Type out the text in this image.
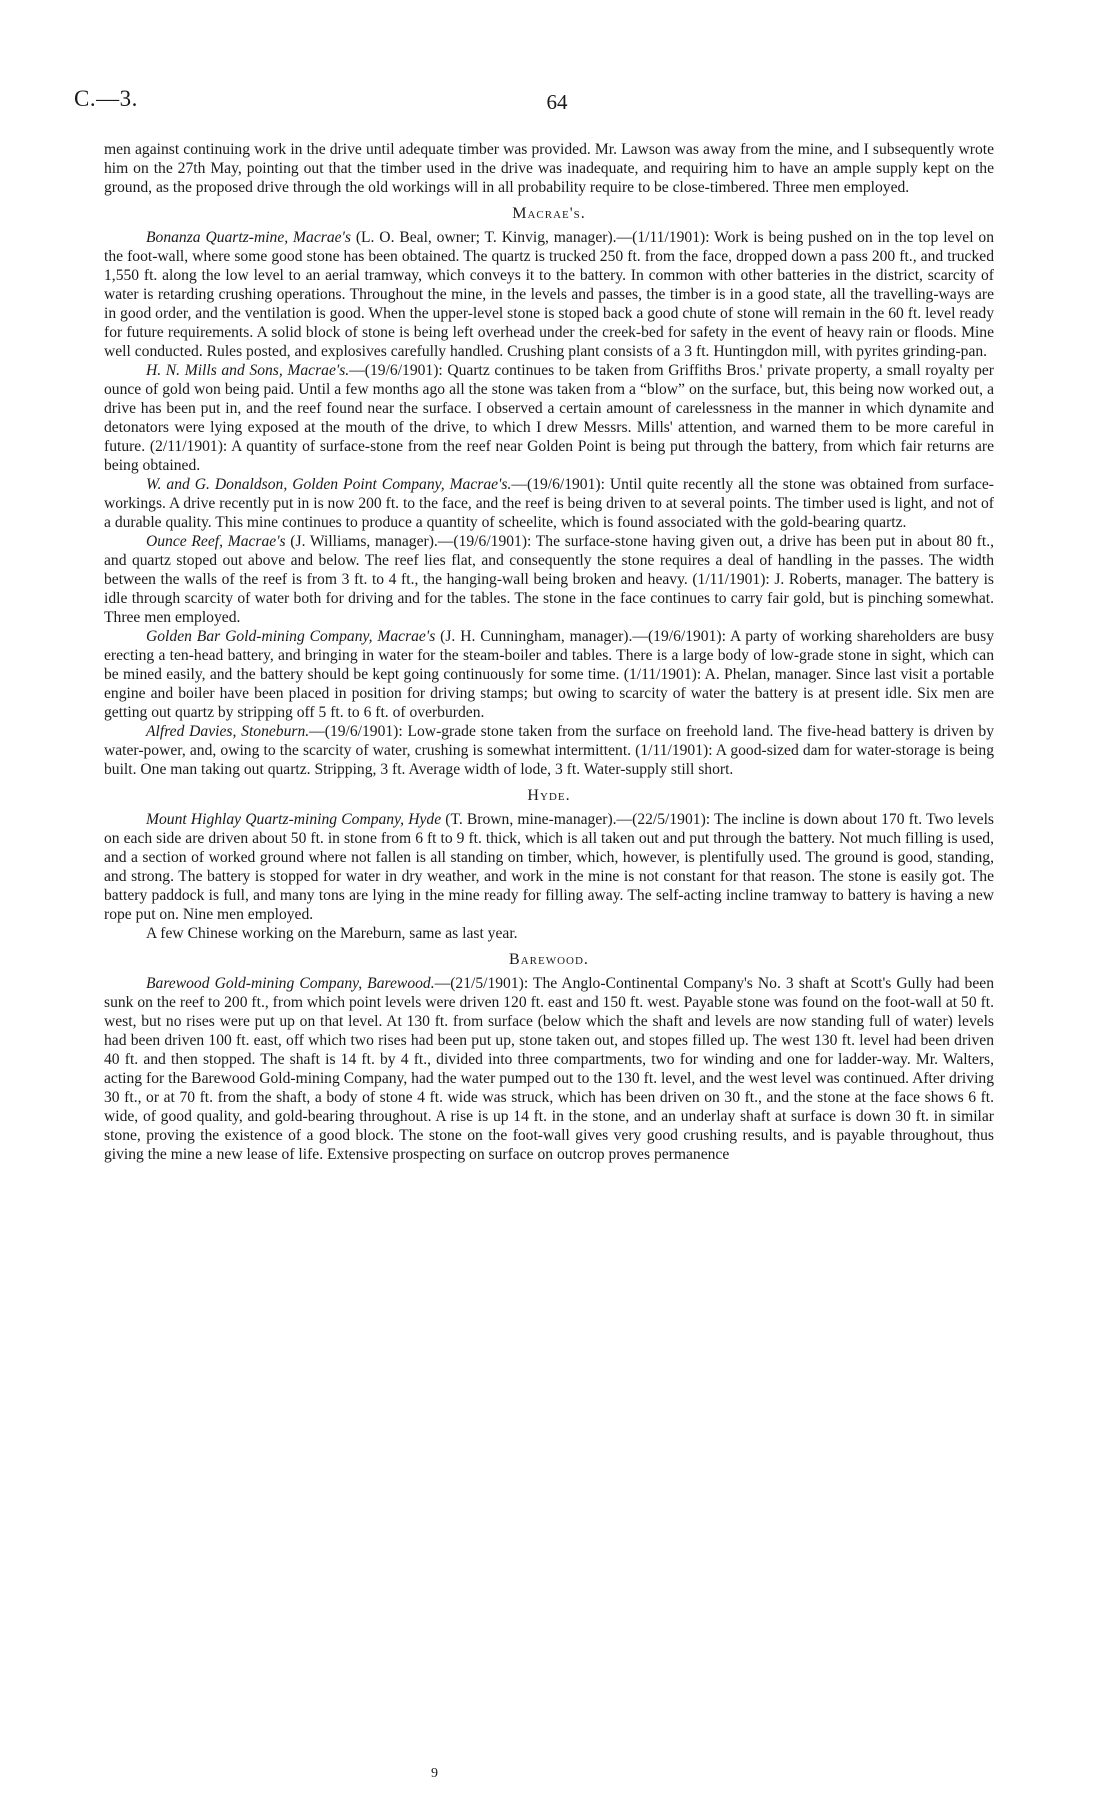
C.—3.	64

men against continuing work in the drive until adequate timber was provided. Mr. Lawson was away from the mine, and I subsequently wrote him on the 27th May, pointing out that the timber used in the drive was inadequate, and requiring him to have an ample supply kept on the ground, as the proposed drive through the old workings will in all probability require to be close-timbered. Three men employed.

Macrae's.

Bonanza Quartz-mine, Macrae's (L. O. Beal, owner; T. Kinvig, manager).—(1/11/1901): Work is being pushed on in the top level on the foot-wall, where some good stone has been obtained. The quartz is trucked 250 ft. from the face, dropped down a pass 200 ft., and trucked 1,550 ft. along the low level to an aerial tramway, which conveys it to the battery. In common with other batteries in the district, scarcity of water is retarding crushing operations. Throughout the mine, in the levels and passes, the timber is in a good state, all the travelling-ways are in good order, and the ventilation is good. When the upper-level stone is stoped back a good chute of stone will remain in the 60 ft. level ready for future requirements. A solid block of stone is being left overhead under the creek-bed for safety in the event of heavy rain or floods. Mine well conducted. Rules posted, and explosives carefully handled. Crushing plant consists of a 3 ft. Huntingdon mill, with pyrites grinding-pan.

H. N. Mills and Sons, Macrae's.—(19/6/1901): Quartz continues to be taken from Griffiths Bros.' private property, a small royalty per ounce of gold won being paid. Until a few months ago all the stone was taken from a “blow” on the surface, but, this being now worked out, a drive has been put in, and the reef found near the surface. I observed a certain amount of carelessness in the manner in which dynamite and detonators were lying exposed at the mouth of the drive, to which I drew Messrs. Mills' attention, and warned them to be more careful in future. (2/11/1901): A quantity of surface-stone from the reef near Golden Point is being put through the battery, from which fair returns are being obtained.

W. and G. Donaldson, Golden Point Company, Macrae's.—(19/6/1901): Until quite recently all the stone was obtained from surface-workings. A drive recently put in is now 200 ft. to the face, and the reef is being driven to at several points. The timber used is light, and not of a durable quality. This mine continues to produce a quantity of scheelite, which is found associated with the gold-bearing quartz.

Ounce Reef, Macrae's (J. Williams, manager).—(19/6/1901): The surface-stone having given out, a drive has been put in about 80 ft., and quartz stoped out above and below. The reef lies flat, and consequently the stone requires a deal of handling in the passes. The width between the walls of the reef is from 3 ft. to 4 ft., the hanging-wall being broken and heavy. (1/11/1901): J. Roberts, manager. The battery is idle through scarcity of water both for driving and for the tables. The stone in the face continues to carry fair gold, but is pinching somewhat. Three men employed.

Golden Bar Gold-mining Company, Macrae's (J. H. Cunningham, manager).—(19/6/1901): A party of working shareholders are busy erecting a ten-head battery, and bringing in water for the steam-boiler and tables. There is a large body of low-grade stone in sight, which can be mined easily, and the battery should be kept going continuously for some time. (1/11/1901): A. Phelan, manager. Since last visit a portable engine and boiler have been placed in position for driving stamps; but owing to scarcity of water the battery is at present idle. Six men are getting out quartz by stripping off 5 ft. to 6 ft. of overburden.

Alfred Davies, Stoneburn.—(19/6/1901): Low-grade stone taken from the surface on freehold land. The five-head battery is driven by water-power, and, owing to the scarcity of water, crushing is somewhat intermittent. (1/11/1901): A good-sized dam for water-storage is being built. One man taking out quartz. Stripping, 3 ft. Average width of lode, 3 ft. Water-supply still short.

Hyde.

Mount Highlay Quartz-mining Company, Hyde (T. Brown, mine-manager).—(22/5/1901): The incline is down about 170 ft. Two levels on each side are driven about 50 ft. in stone from 6 ft to 9 ft. thick, which is all taken out and put through the battery. Not much filling is used, and a section of worked ground where not fallen is all standing on timber, which, however, is plentifully used. The ground is good, standing, and strong. The battery is stopped for water in dry weather, and work in the mine is not constant for that reason. The stone is easily got. The battery paddock is full, and many tons are lying in the mine ready for filling away. The self-acting incline tramway to battery is having a new rope put on. Nine men employed.

A few Chinese working on the Mareburn, same as last year.

Barewood.

Barewood Gold-mining Company, Barewood.—(21/5/1901): The Anglo-Continental Company's No. 3 shaft at Scott's Gully had been sunk on the reef to 200 ft., from which point levels were driven 120 ft. east and 150 ft. west. Payable stone was found on the foot-wall at 50 ft. west, but no rises were put up on that level. At 130 ft. from surface (below which the shaft and levels are now standing full of water) levels had been driven 100 ft. east, off which two rises had been put up, stone taken out, and stopes filled up. The west 130 ft. level had been driven 40 ft. and then stopped. The shaft is 14 ft. by 4 ft., divided into three compartments, two for winding and one for ladder-way. Mr. Walters, acting for the Barewood Gold-mining Company, had the water pumped out to the 130 ft. level, and the west level was continued. After driving 30 ft., or at 70 ft. from the shaft, a body of stone 4 ft. wide was struck, which has been driven on 30 ft., and the stone at the face shows 6 ft. wide, of good quality, and gold-bearing throughout. A rise is up 14 ft. in the stone, and an underlay shaft at surface is down 30 ft. in similar stone, proving the existence of a good block. The stone on the foot-wall gives very good crushing results, and is payable throughout, thus giving the mine a new lease of life. Extensive prospecting on surface on outcrop proves permanence

9
